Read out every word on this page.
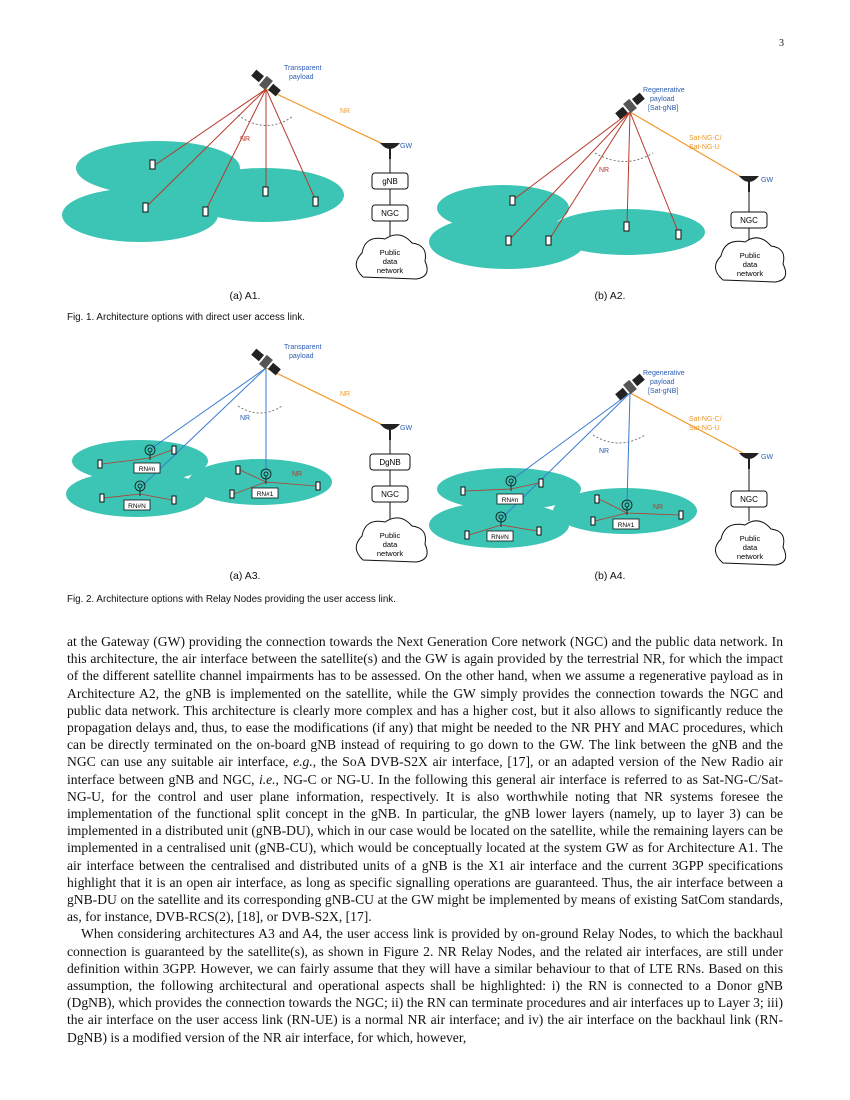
3
Transparent payload
NR
NR
GW
gNB
NGC
Public data network
(a) A1.
Regenerative payload [Sat-gNB]
Sat-NG-C/ Sat-NG-U
NR
GW
NGC
Public data network
(b) A2.
Fig. 1. Architecture options with direct user access link.
RN#n
RN#N
RN#1
Transparent payload
NR
NR
NR
GW
DgNB
NGC
Public data network
(a) A3.
RN#n
RN#N
RN#1
Regenerative payload [Sat-gNB]
Sat-NG-C/ Sat-NG-U
NR
NR
GW
NGC
Public data network
(b) A4.
Fig. 2. Architecture options with Relay Nodes providing the user access link.

at the Gateway (GW) providing the connection towards the Next Generation Core network (NGC) and the public data network. In this architecture, the air interface between the satellite(s) and the GW is again provided by the terrestrial NR, for which the impact of the different satellite channel impairments has to be assessed. On the other hand, when we assume a regenerative payload as in Architecture A2, the gNB is implemented on the satellite, while the GW simply provides the connection towards the NGC and public data network. This architecture is clearly more complex and has a higher cost, but it also allows to significantly reduce the propagation delays and, thus, to ease the modifications (if any) that might be needed to the NR PHY and MAC procedures, which can be directly terminated on the on-board gNB instead of requiring to go down to the GW. The link between the gNB and the NGC can use any suitable air interface, e.g., the SoA DVB-S2X air interface, [17], or an adapted version of the New Radio air interface between gNB and NGC, i.e., NG-C or NG-U. In the following this general air interface is referred to as Sat-NG-C/Sat-NG-U, for the control and user plane information, respectively. It is also worthwhile noting that NR systems foresee the implementation of the functional split concept in the gNB. In particular, the gNB lower layers (namely, up to layer 3) can be implemented in a distributed unit (gNB-DU), which in our case would be located on the satellite, while the remaining layers can be implemented in a centralised unit (gNB-CU), which would be conceptually located at the system GW as for Architecture A1. The air interface between the centralised and distributed units of a gNB is the X1 air interface and the current 3GPP specifications highlight that it is an open air interface, as long as specific signalling operations are guaranteed. Thus, the air interface between a gNB-DU on the satellite and its corresponding gNB-CU at the GW might be implemented by means of existing SatCom standards, as, for instance, DVB-RCS(2), [18], or DVB-S2X, [17].

When considering architectures A3 and A4, the user access link is provided by on-ground Relay Nodes, to which the backhaul connection is guaranteed by the satellite(s), as shown in Figure 2. NR Relay Nodes, and the related air interfaces, are still under definition within 3GPP. However, we can fairly assume that they will have a similar behaviour to that of LTE RNs. Based on this assumption, the following architectural and operational aspects shall be highlighted: i) the RN is connected to a Donor gNB (DgNB), which provides the connection towards the NGC; ii) the RN can terminate procedures and air interfaces up to Layer 3; iii) the air interface on the user access link (RN-UE) is a normal NR air interface; and iv) the air interface on the backhaul link (RN-DgNB) is a modified version of the NR air interface, for which, however,
